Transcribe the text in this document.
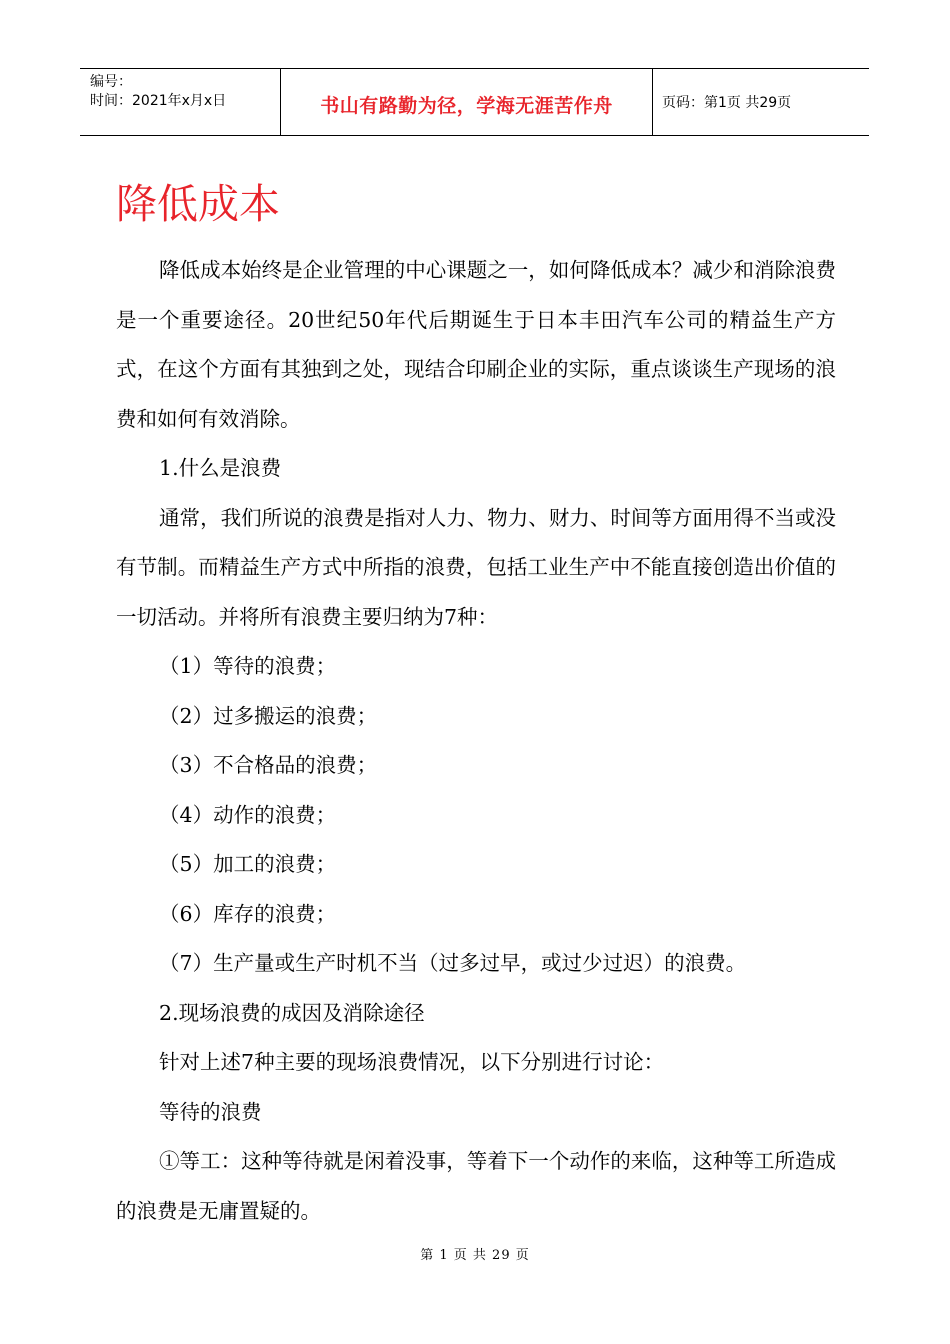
编号：
时间：2021年x月x日	书山有路勤为径，学海无涯苦作舟	页码：第1页 共29页
降低成本

降低成本始终是企业管理的中心课题之一，如何降低成本？减少和消除浪费是一个重要途径。20世纪50年代后期诞生于日本丰田汽车公司的精益生产方式，在这个方面有其独到之处，现结合印刷企业的实际，重点谈谈生产现场的浪费和如何有效消除。

1.什么是浪费

通常，我们所说的浪费是指对人力、物力、财力、时间等方面用得不当或没有节制。而精益生产方式中所指的浪费，包括工业生产中不能直接创造出价值的一切活动。并将所有浪费主要归纳为7种：

（1）等待的浪费；

（2）过多搬运的浪费；

（3）不合格品的浪费；

（4）动作的浪费；

（5）加工的浪费；

（6）库存的浪费；

（7）生产量或生产时机不当（过多过早，或过少过迟）的浪费。

2.现场浪费的成因及消除途径

针对上述7种主要的现场浪费情况，以下分别进行讨论：

等待的浪费

①等工：这种等待就是闲着没事，等着下一个动作的来临，这种等工所造成的浪费是无庸置疑的。

第 1 页 共 29 页
